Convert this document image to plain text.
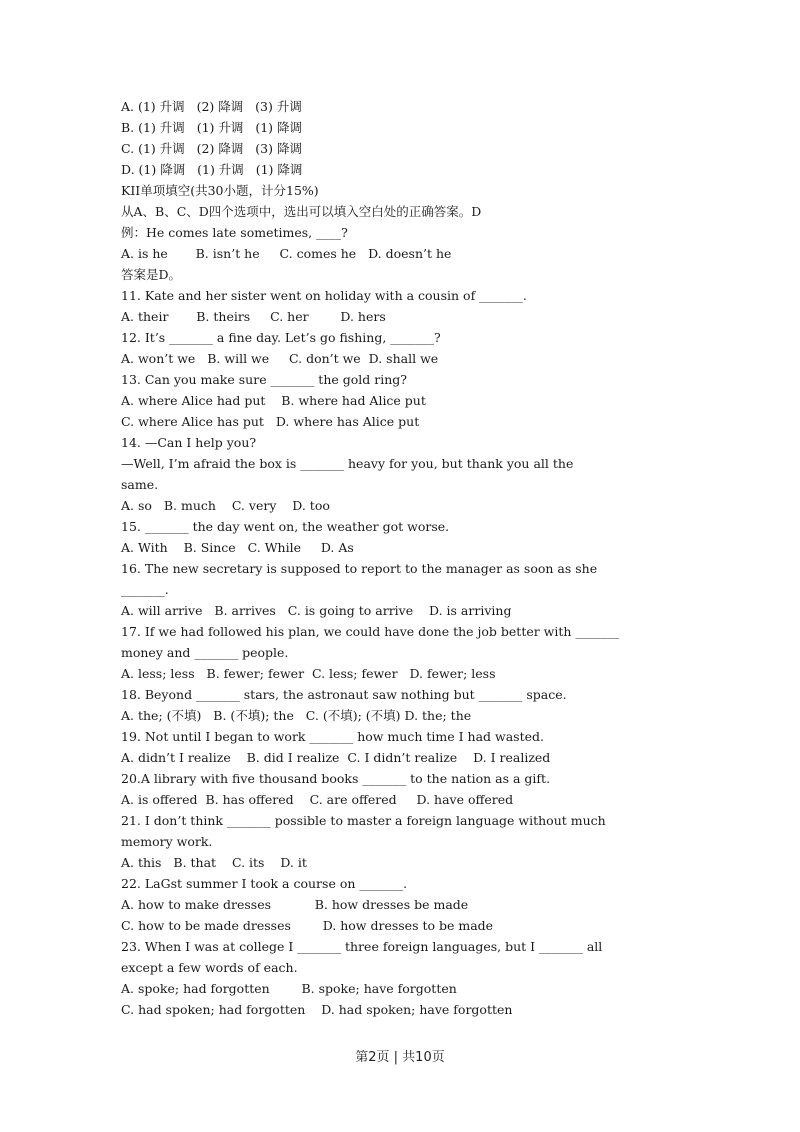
A. (1) 升调   (2) 降调   (3) 升调
B. (1) 升调   (1) 升调   (1) 降调
C. (1) 升调   (2) 降调   (3) 降调
D. (1) 降调   (1) 升调   (1) 降调
KII单项填空(共30小题，计分15%)
从A、B、C、D四个选项中，选出可以填入空白处的正确答案。D
例：He comes late sometimes, ____?
A. is he       B. isn’t he     C. comes he   D. doesn’t he
答案是D。
11. Kate and her sister went on holiday with a cousin of _______.
A. their       B. theirs     C. her        D. hers
12. It’s _______ a fine day. Let’s go fishing, _______?
A. won’t we   B. will we     C. don’t we  D. shall we
13. Can you make sure _______ the gold ring?
A. where Alice had put    B. where had Alice put
C. where Alice has put   D. where has Alice put
14. —Can I help you?
—Well, I’m afraid the box is _______ heavy for you, but thank you all the
same.
A. so   B. much    C. very    D. too
15. _______ the day went on, the weather got worse.
A. With    B. Since   C. While     D. As
16. The new secretary is supposed to report to the manager as soon as she
_______.
A. will arrive   B. arrives   C. is going to arrive    D. is arriving
17. If we had followed his plan, we could have done the job better with _______
money and _______ people.
A. less; less   B. fewer; fewer  C. less; fewer   D. fewer; less
18. Beyond _______ stars, the astronaut saw nothing but _______ space.
A. the; (不填)   B. (不填); the   C. (不填); (不填) D. the; the
19. Not until I began to work _______ how much time I had wasted.
A. didn’t I realize    B. did I realize  C. I didn’t realize    D. I realized
20.A library with five thousand books _______ to the nation as a gift.
A. is offered  B. has offered    C. are offered     D. have offered
21. I don’t think _______ possible to master a foreign language without much
memory work.
A. this   B. that    C. its    D. it
22. LaGst summer I took a course on _______.
A. how to make dresses           B. how dresses be made
C. how to be made dresses        D. how dresses to be made
23. When I was at college I _______ three foreign languages, but I _______ all
except a few words of each.
A. spoke; had forgotten        B. spoke; have forgotten
C. had spoken; had forgotten    D. had spoken; have forgotten
第2页 | 共10页
